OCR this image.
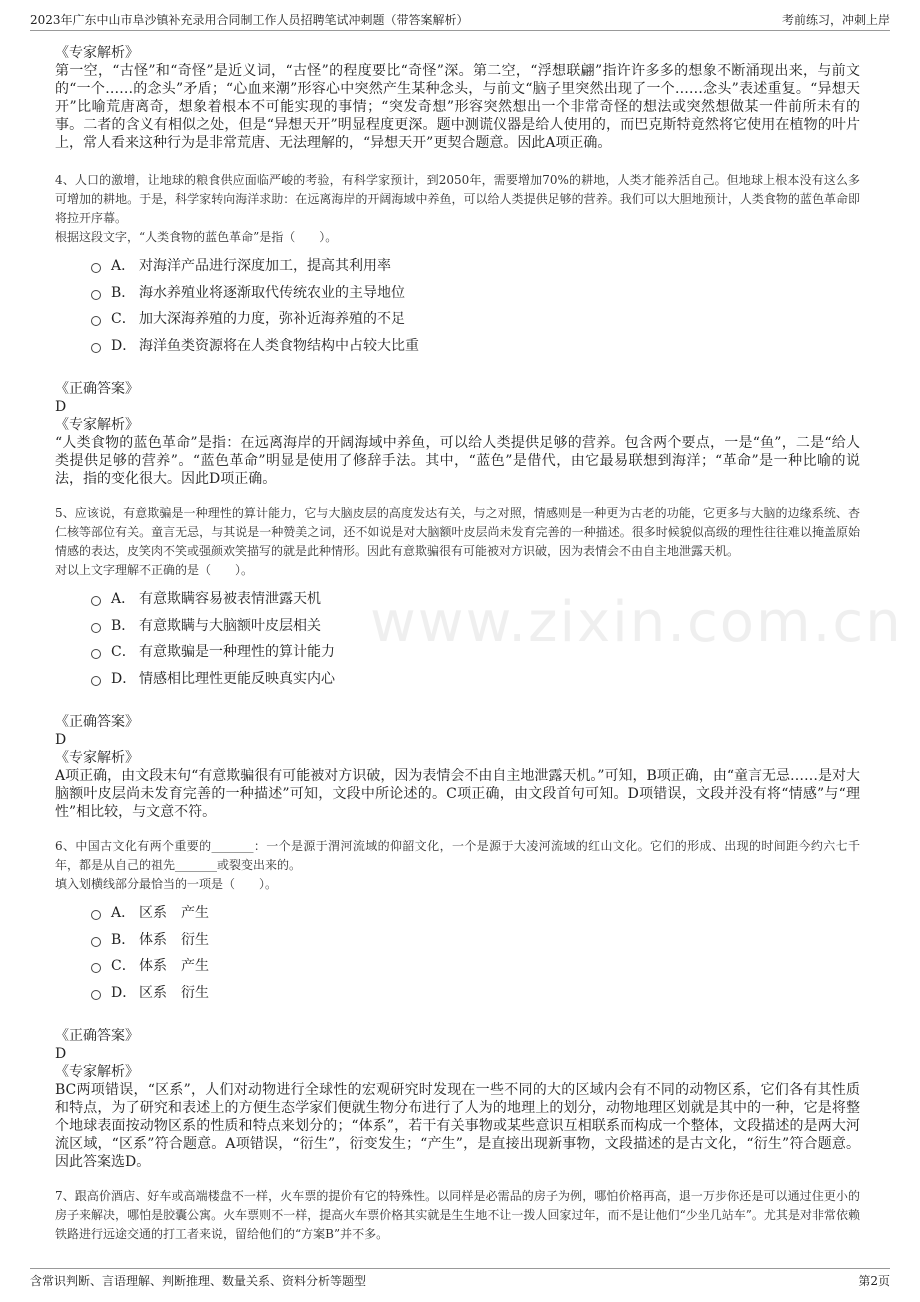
2023年广东中山市阜沙镇补充录用合同制工作人员招聘笔试冲刺题（带答案解析）	考前练习，冲刺上岸
www.zixin.com.cn
《专家解析》
第一空，“古怪”和“奇怪”是近义词，“古怪”的程度要比“奇怪”深。第二空，“浮想联翩”指许许多多的想象不断涌现出来，与前文的“一个……的念头”矛盾；“心血来潮”形容心中突然产生某种念头，与前文“脑子里突然出现了一个……念头”表述重复。“异想天开”比喻荒唐离奇，想象着根本不可能实现的事情；“突发奇想”形容突然想出一个非常奇怪的想法或突然想做某一件前所未有的事。二者的含义有相似之处，但是“异想天开”明显程度更深。题中测谎仪器是给人使用的，而巴克斯特竟然将它使用在植物的叶片上，常人看来这种行为是非常荒唐、无法理解的，“异想天开”更契合题意。因此A项正确。
4、人口的激增，让地球的粮食供应面临严峻的考验，有科学家预计，到2050年，需要增加70%的耕地，人类才能养活自己。但地球上根本没有这么多可增加的耕地。于是，科学家转向海洋求助：在远离海岸的开阔海域中养鱼，可以给人类提供足够的营养。我们可以大胆地预计，人类食物的蓝色革命即将拉开序幕。
根据这段文字，“人类食物的蓝色革命”是指（　　）。
A． 对海洋产品进行深度加工，提高其利用率
B． 海水养殖业将逐渐取代传统农业的主导地位
C． 加大深海养殖的力度，弥补近海养殖的不足
D． 海洋鱼类资源将在人类食物结构中占较大比重
《正确答案》
D
《专家解析》
“人类食物的蓝色革命”是指：在远离海岸的开阔海域中养鱼，可以给人类提供足够的营养。包含两个要点，一是“鱼”，二是“给人类提供足够的营养”。“蓝色革命”明显是使用了修辞手法。其中，“蓝色”是借代，由它最易联想到海洋；“革命”是一种比喻的说法，指的变化很大。因此D项正确。
5、应该说，有意欺骗是一种理性的算计能力，它与大脑皮层的高度发达有关，与之对照，情感则是一种更为古老的功能，它更多与大脑的边缘系统、杏仁核等部位有关。童言无忌，与其说是一种赞美之词，还不如说是对大脑额叶皮层尚未发育完善的一种描述。很多时候貌似高级的理性往往难以掩盖原始情感的表达，皮笑肉不笑或强颜欢笑描写的就是此种情形。因此有意欺骗很有可能被对方识破，因为表情会不由自主地泄露天机。
对以上文字理解不正确的是（　　）。
A． 有意欺瞒容易被表情泄露天机
B． 有意欺瞒与大脑额叶皮层相关
C． 有意欺骗是一种理性的算计能力
D． 情感相比理性更能反映真实内心
《正确答案》
D
《专家解析》
A项正确，由文段末句“有意欺骗很有可能被对方识破，因为表情会不由自主地泄露天机。”可知，B项正确，由“童言无忌……是对大脑额叶皮层尚未发育完善的一种描述”可知，文段中所论述的。C项正确，由文段首句可知。D项错误，文段并没有将“情感”与“理性”相比较，与文意不符。
6、中国古文化有两个重要的_______：一个是源于渭河流域的仰韶文化，一个是源于大凌河流域的红山文化。它们的形成、出现的时间距今约六七千年，都是从自己的祖先_______或裂变出来的。
填入划横线部分最恰当的一项是（　　）。
A． 区系　产生
B． 体系　衍生
C． 体系　产生
D． 区系　衍生
《正确答案》
D
《专家解析》
BC两项错误，“区系”，人们对动物进行全球性的宏观研究时发现在一些不同的大的区域内会有不同的动物区系，它们各有其性质和特点，为了研究和表述上的方便生态学家们便就生物分布进行了人为的地理上的划分，动物地理区划就是其中的一种，它是将整个地球表面按动物区系的性质和特点来划分的；“体系”，若干有关事物或某些意识互相联系而构成一个整体，文段描述的是两大河流区域，“区系”符合题意。A项错误，“衍生”，衍变发生；“产生”，是直接出现新事物，文段描述的是古文化，“衍生”符合题意。因此答案选D。
7、跟高价酒店、好车或高端楼盘不一样，火车票的提价有它的特殊性。以同样是必需品的房子为例，哪怕价格再高，退一万步你还是可以通过住更小的房子来解决，哪怕是胶囊公寓。火车票则不一样，提高火车票价格其实就是生生地不让一拨人回家过年，而不是让他们“少坐几站车”。尤其是对非常依赖铁路进行远途交通的打工者来说，留给他们的“方案B”并不多。
含常识判断、言语理解、判断推理、数量关系、资料分析等题型	第2页
